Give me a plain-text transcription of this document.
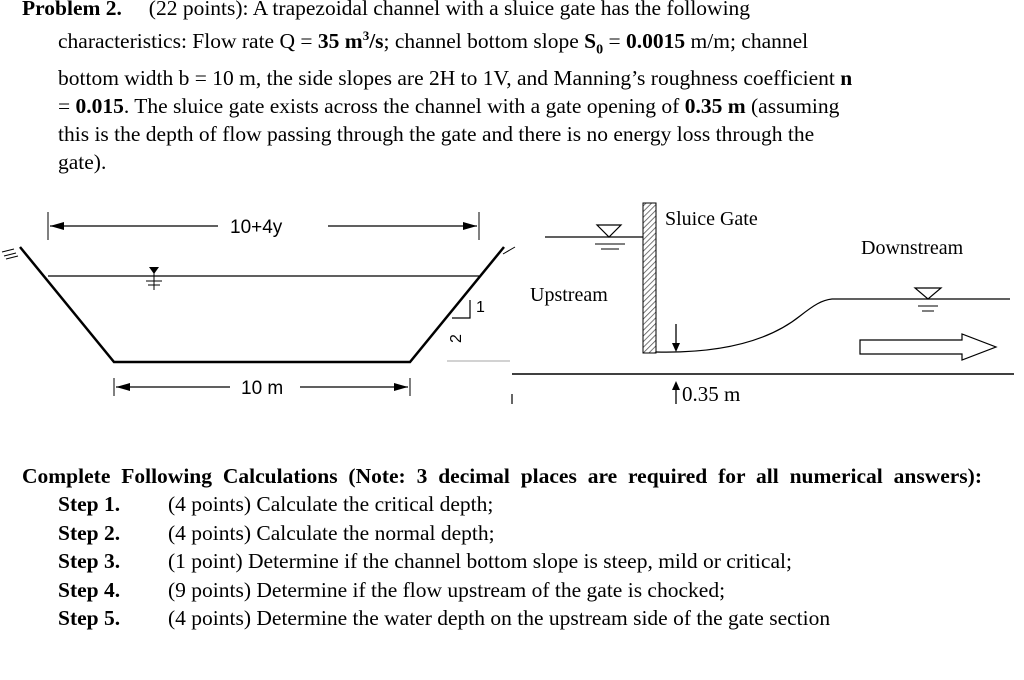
Problem 2. (22 points): A trapezoidal channel with a sluice gate has the following

characteristics: Flow rate Q = 35 $m^3/s$; channel bottom slope $S_0 = 0.0015$ m/m; channel

bottom width b = 10 m, the side slopes are 2H to 1V, and Manning’s roughness coefficient n

= 0.015. The sluice gate exists across the channel with a gate opening of 0.35 m (assuming

this is the depth of flow passing through the gate and there is no energy loss through the

gate).

10+4y
10 m
1
2
Sluice Gate
Upstream
Downstream
0.35 m
Complete Following Calculations (Note: 3 decimal places are required for all numerical answers):
Step 1.	(4 points) Calculate the critical depth;
Step 2.	(4 points) Calculate the normal depth;
Step 3.	(1 point) Determine if the channel bottom slope is steep, mild or critical;
Step 4.	(9 points) Determine if the flow upstream of the gate is chocked;
Step 5.	(4 points) Determine the water depth on the upstream side of the gate section
